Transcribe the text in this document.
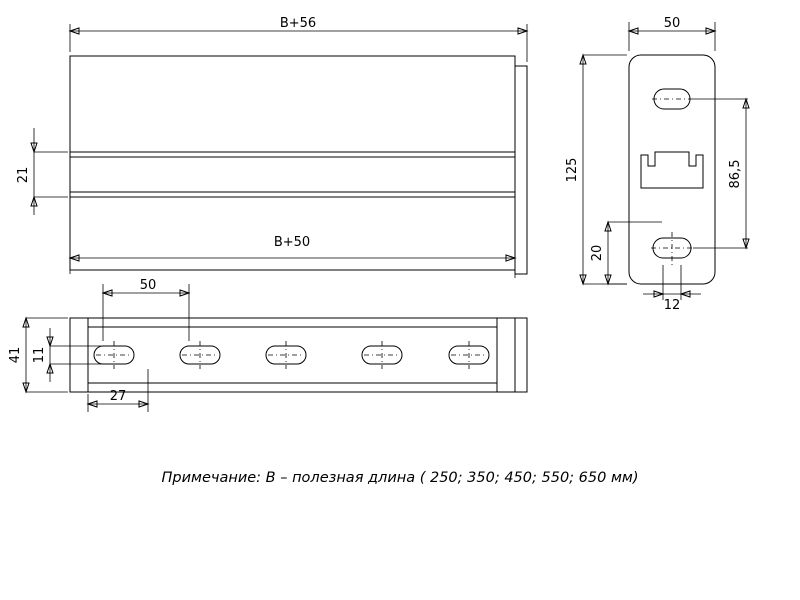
B+56
B+50
21
50
125
20
86,5
12
50
41 11
27
Примечание: В – полезная длина ( 250; 350; 450; 550; 650 мм)
